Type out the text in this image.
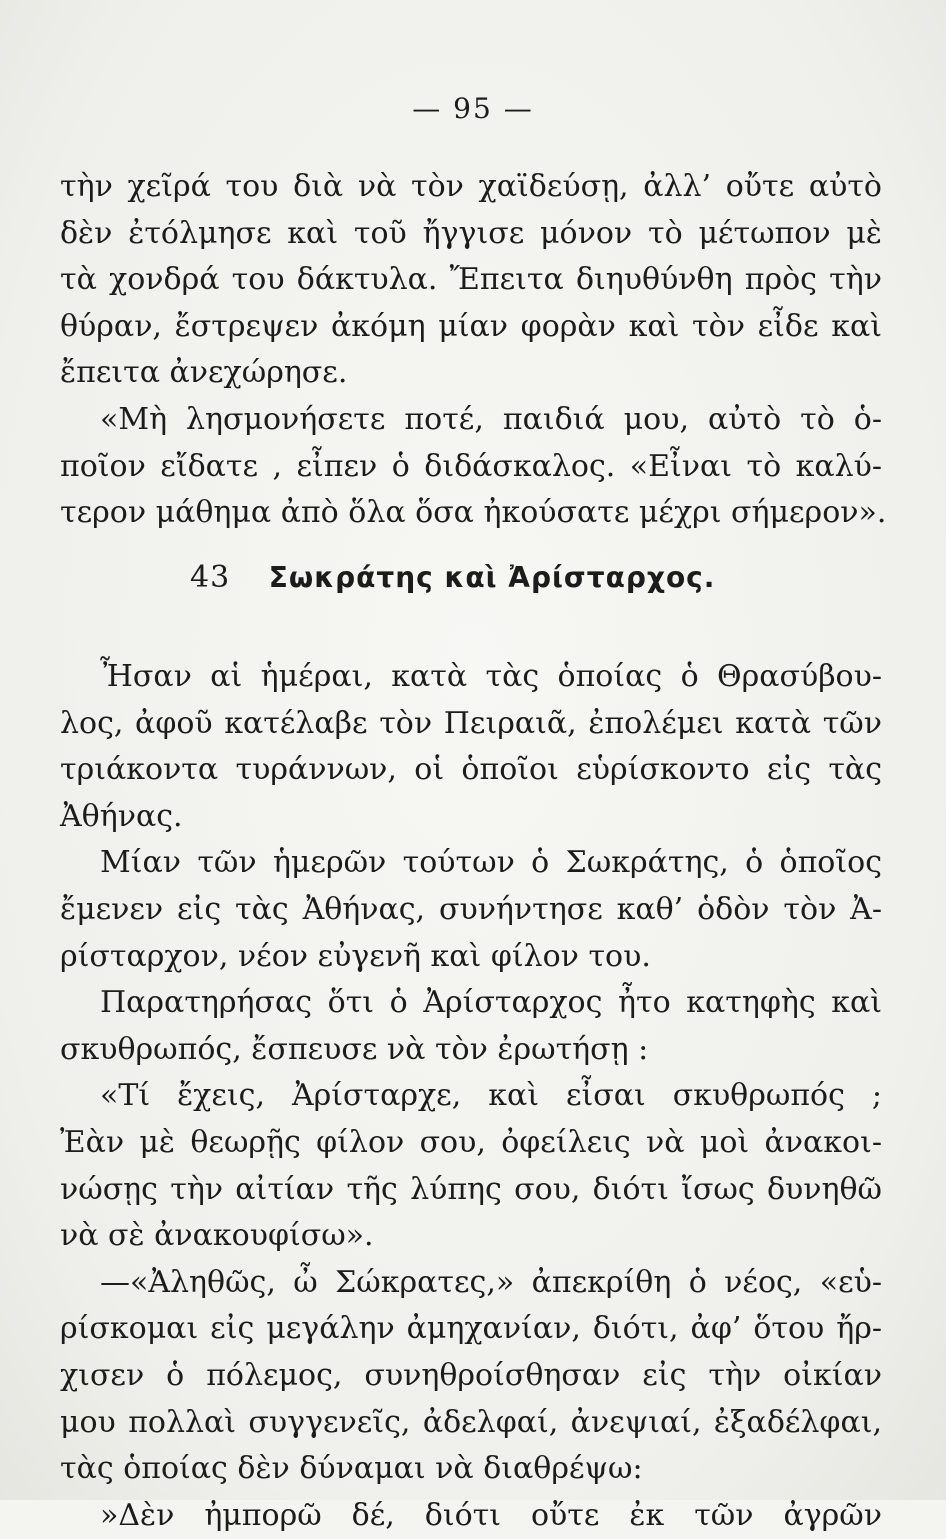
— 95 —
τὴν χεῖρά του διὰ νὰ τὸν χαϊδεύσῃ, ἀλλ’ οὔτε αὐτὸ
δὲν ἐτόλμησε καὶ τοῦ ἤγγισε μόνον τὸ μέτωπον μὲ
τὰ χονδρά του δάκτυλα. Ἔπειτα διηυθύνθη πρὸς τὴν
θύραν, ἔστρεψεν ἀκόμη μίαν φορὰν καὶ τὸν εἶδε καὶ
ἔπειτα ἀνεχώρησε.
«Μὴ λησμονήσετε ποτέ, παιδιά μου, αὐτὸ τὸ ὁ-
ποῖον εἴδατε , εἶπεν ὁ διδάσκαλος. «Εἶναι τὸ καλύ-
τερον μάθημα ἀπὸ ὅλα ὅσα ἠκούσατε μέχρι σήμερον».
43 Σωκράτης καὶ Ἀρίσταρχος.
Ἦσαν αἱ ἡμέραι, κατὰ τὰς ὁποίας ὁ Θρασύβου-
λος, ἀφοῦ κατέλαβε τὸν Πειραιᾶ, ἐπολέμει κατὰ τῶν
τριάκοντα τυράννων, οἱ ὁποῖοι εὑρίσκοντο εἰς τὰς
Ἀθήνας.
Μίαν τῶν ἡμερῶν τούτων ὁ Σωκράτης, ὁ ὁποῖος
ἔμενεν εἰς τὰς Ἀθήνας, συνήντησε καθ’ ὁδὸν τὸν Ἀ-
ρίσταρχον, νέον εὐγενῆ καὶ φίλον του.
Παρατηρήσας ὅτι ὁ Ἀρίσταρχος ἦτο κατηφὴς καὶ
σκυθρωπός, ἔσπευσε νὰ τὸν ἐρωτήσῃ :
«Τί ἔχεις, Ἀρίσταρχε, καὶ εἶσαι σκυθρωπός ;
Ἐὰν μὲ θεωρῇς φίλον σου, ὀφείλεις νὰ μοὶ ἀνακοι-
νώσῃς τὴν αἰτίαν τῆς λύπης σου, διότι ἴσως δυνηθῶ
νὰ σὲ ἀνακουφίσω».
—«Ἀληθῶς, ὦ Σώκρατες,» ἀπεκρίθη ὁ νέος, «εὑ-
ρίσκομαι εἰς μεγάλην ἀμηχανίαν, διότι, ἀφ’ ὅτου ἤρ-
χισεν ὁ πόλεμος, συνηθροίσθησαν εἰς τὴν οἰκίαν
μου πολλαὶ συγγενεῖς, ἀδελφαί, ἀνεψιαί, ἐξαδέλφαι,
τὰς ὁποίας δὲν δύναμαι νὰ διαθρέψω:
»Δὲν ἠμπορῶ δέ, διότι οὔτε ἐκ τῶν ἀγρῶν
